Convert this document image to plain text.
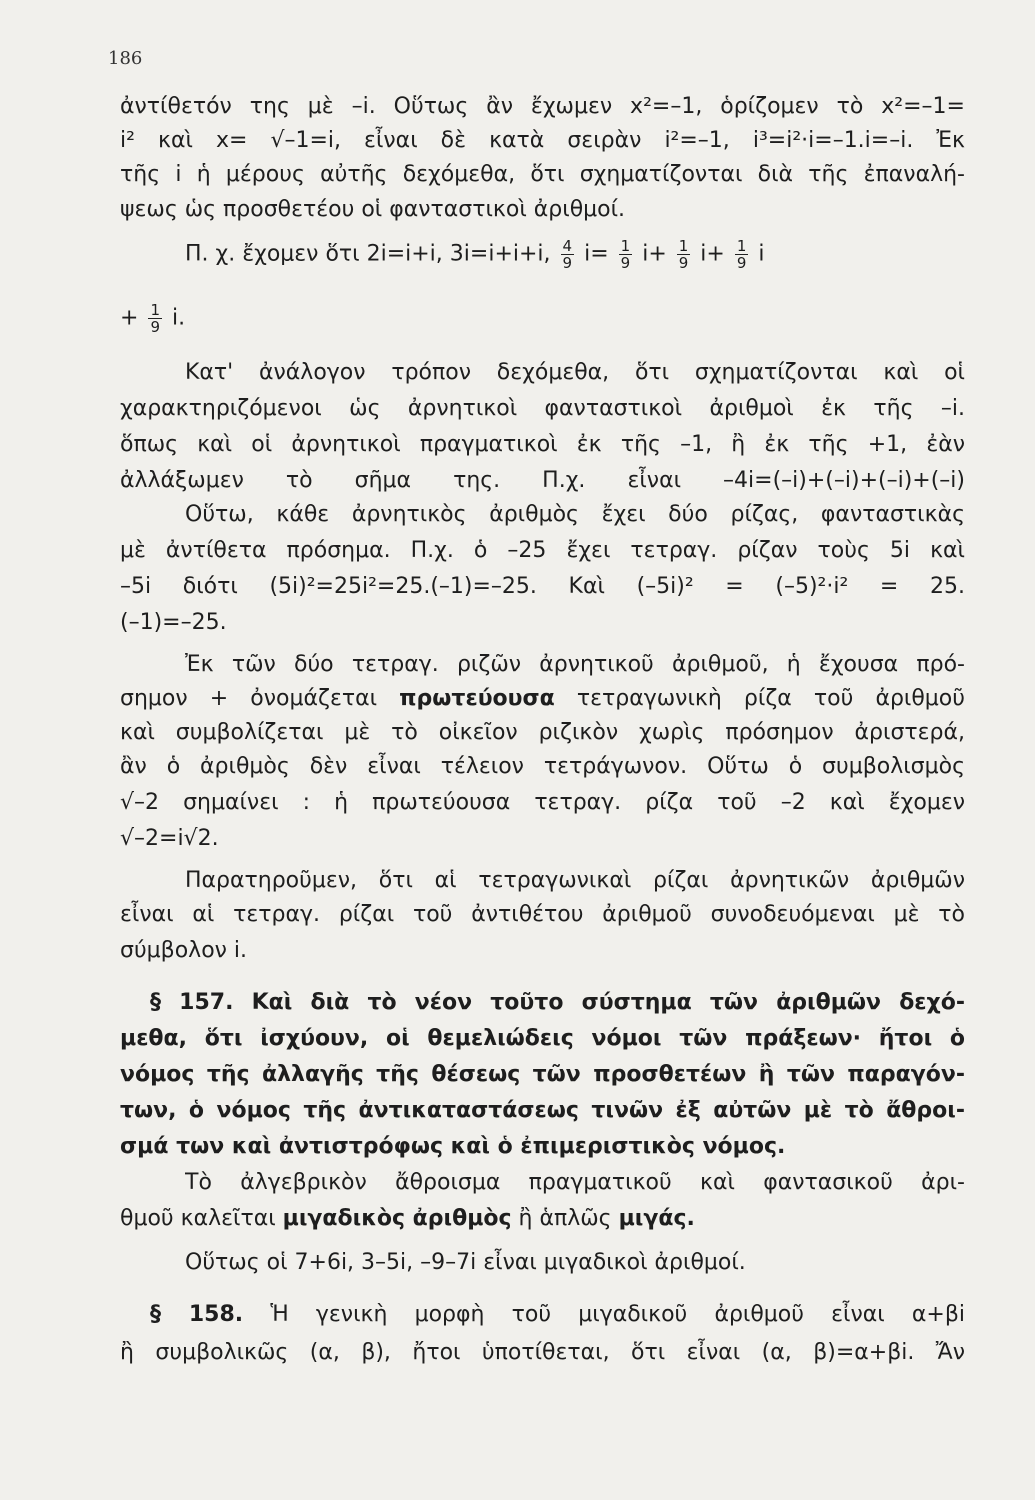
186
ἀντίθετόν της μὲ –i. Οὕτως ἂν ἔχωμεν x²=–1, ὁρίζομεν τὸ x²=–1=
i² καὶ x= √–1=i, εἶναι δὲ κατὰ σειρὰν i²=–1, i³=i²·i=–1.i=–i. Ἐκ
τῆς i ἡ μέρους αὐτῆς δεχόμεθα, ὅτι σχηματίζονται διὰ τῆς ἐπαναλή-
ψεως ὡς προσθετέου οἱ φανταστικοὶ ἀριθμοί.
Π. χ. ἔχομεν ὅτι 2i=i+i, 3i=i+i+i, $\frac{4}{9} i= \frac{1}{9} i+ \frac{1}{9} i+ \frac{1}{9}$ i
+ $\frac{1}{9} i$.
Κατ' ἀνάλογον τρόπον δεχόμεθα, ὅτι σχηματίζονται καὶ οἱ
χαρακτηριζόμενοι ὡς ἀρνητικοὶ φανταστικοὶ ἀριθμοὶ ἐκ τῆς –i.
ὅπως καὶ οἱ ἀρνητικοὶ πραγματικοὶ ἐκ τῆς –1, ἢ ἐκ τῆς +1, ἐὰν
ἀλλάξωμεν τὸ σῆμα της. Π.χ. εἶναι –4i=(–i)+(–i)+(–i)+(–i)
Οὕτω, κάθε ἀρνητικὸς ἀριθμὸς ἔχει δύο ρίζας, φανταστικὰς
μὲ ἀντίθετα πρόσημα. Π.χ. ὁ –25 ἔχει τετραγ. ρίζαν τοὺς 5i καὶ
–5i διότι (5i)²=25i²=25.(–1)=–25. Καὶ (–5i)² = (–5)²·i² = 25.
(–1)=–25.
Ἐκ τῶν δύο τετραγ. ριζῶν ἀρνητικοῦ ἀριθμοῦ, ἡ ἔχουσα πρό-
σημον + ὀνομάζεται πρωτεύουσα τετραγωνικὴ ρίζα τοῦ ἀριθμοῦ
καὶ συμβολίζεται μὲ τὸ οἰκεῖον ριζικὸν χωρὶς πρόσημον ἀριστερά,
ἂν ὁ ἀριθμὸς δὲν εἶναι τέλειον τετράγωνον. Οὕτω ὁ συμβολισμὸς
√–2 σημαίνει : ἡ πρωτεύουσα τετραγ. ρίζα τοῦ –2 καὶ ἔχομεν
√–2=i√2.
Παρατηροῦμεν, ὅτι αἱ τετραγωνικαὶ ρίζαι ἀρνητικῶν ἀριθμῶν
εἶναι αἱ τετραγ. ρίζαι τοῦ ἀντιθέτου ἀριθμοῦ συνοδευόμεναι μὲ τὸ
σύμβολον i.
§ 157. Καὶ διὰ τὸ νέον τοῦτο σύστημα τῶν ἀριθμῶν δεχό-
μεθα, ὅτι ἰσχύουν, οἱ θεμελιώδεις νόμοι τῶν πράξεων· ἤτοι ὁ
νόμος τῆς ἀλλαγῆς τῆς θέσεως τῶν προσθετέων ἢ τῶν παραγόν-
των, ὁ νόμος τῆς ἀντικαταστάσεως τινῶν ἐξ αὐτῶν μὲ τὸ ἄθροι-
σμά των καὶ ἀντιστρόφως καὶ ὁ ἐπιμεριστικὸς νόμος.
Τὸ ἀλγεβρικὸν ἄθροισμα πραγματικοῦ καὶ φαντασικοῦ ἀρι-
θμοῦ καλεῖται μιγαδικὸς ἀριθμὸς ἢ ἁπλῶς μιγάς.
Οὕτως οἱ 7+6i, 3–5i, –9–7i εἶναι μιγαδικοὶ ἀριθμοί.
§ 158. Ἡ γενικὴ μορφὴ τοῦ μιγαδικοῦ ἀριθμοῦ εἶναι α+βi
ἢ συμβολικῶς (α, β), ἤτοι ὑποτίθεται, ὅτι εἶναι (α, β)=α+βi. Ἄν
